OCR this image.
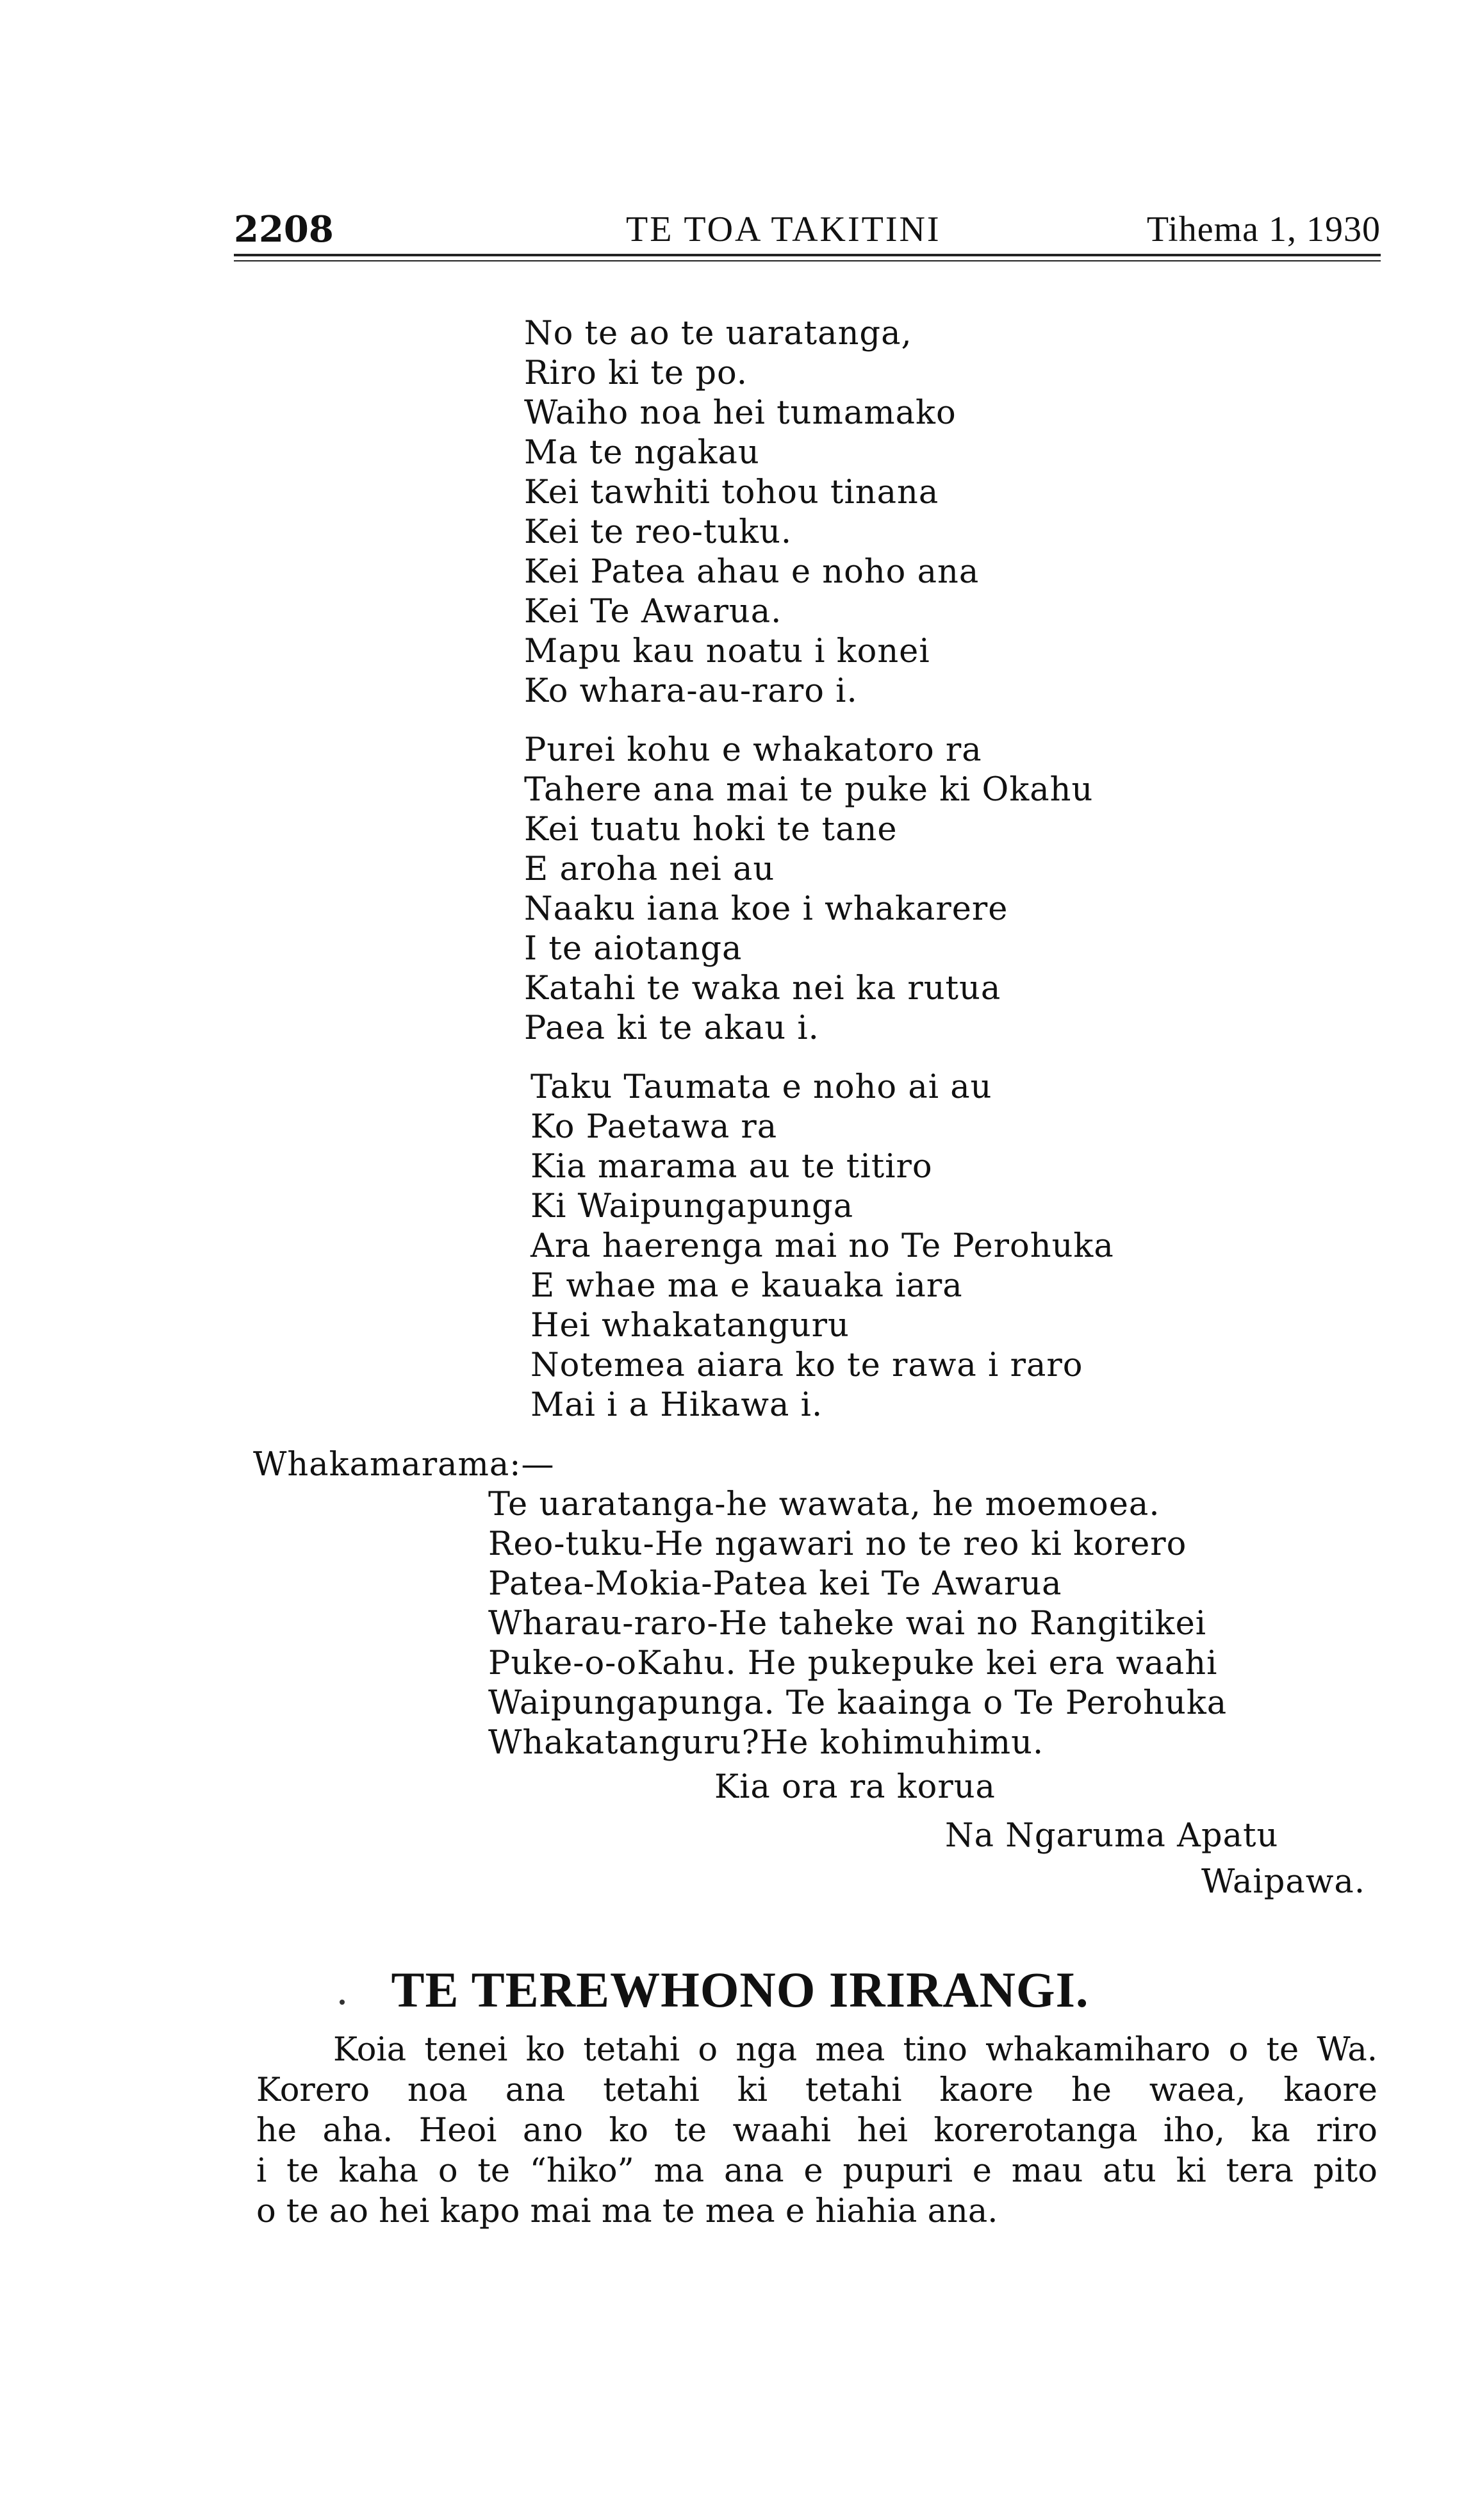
2208	TE TOA TAKITINI	Tihema 1, 1930
No te ao te uaratanga,
Riro ki te po.
Waiho noa hei tumamako
Ma te ngakau
Kei tawhiti tohou tinana
Kei te reo-tuku.
Kei Patea ahau e noho ana
Kei Te Awarua.
Mapu kau noatu i konei
Ko whara-au-raro i.
Purei kohu e whakatoro ra
Tahere ana mai te puke ki Okahu
Kei tuatu hoki te tane
E aroha nei au
Naaku iana koe i whakarere
I te aiotanga
Katahi te waka nei ka rutua
Paea ki te akau i.
Taku Taumata e noho ai au
Ko Paetawa ra
Kia marama au te titiro
Ki Waipungapunga
Ara haerenga mai no Te Perohuka
E whae ma e kauaka iara
Hei whakatanguru
Notemea aiara ko te rawa i raro
Mai i a Hikawa i.
Whakamarama:—
Te uaratanga-he wawata, he moemoea.
Reo-tuku-He ngawari no te reo ki korero
Patea-Mokia-Patea kei Te Awarua
Wharau-raro-He taheke wai no Rangitikei
Puke-o-oKahu. He pukepuke kei era waahi
Waipungapunga. Te kaainga o Te Perohuka
Whakatanguru?He kohimuhimu.
Kia ora ra korua
Na Ngaruma Apatu
Waipawa.
TE TEREWHONO IRIRANGI.
Koia tenei ko tetahi o nga mea tino whakamiharo o te Wa.
Korero noa ana tetahi ki tetahi kaore he waea, kaore
he aha. Heoi ano ko te waahi hei korerotanga iho, ka riro
i te kaha o te “hiko” ma ana e pupuri e mau atu ki tera pito
o te ao hei kapo mai ma te mea e hiahia ana.
